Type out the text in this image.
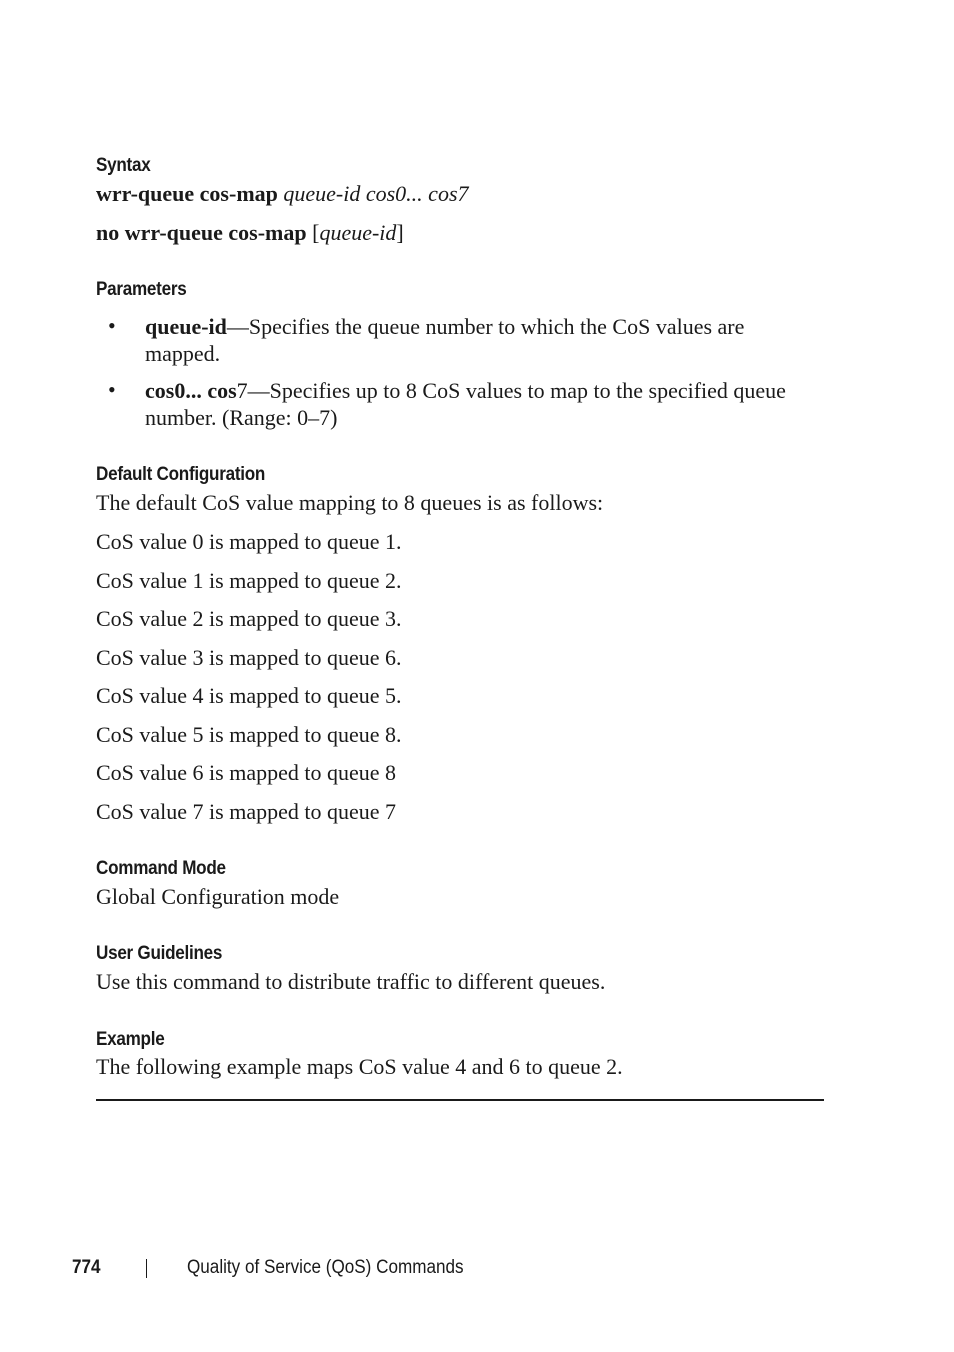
Syntax

wrr-queue cos-map queue-id cos0... cos7

no wrr-queue cos-map [queue-id]

Parameters
• queue-id—Specifies the queue number to which the CoS values are mapped.

• cos0... cos7—Specifies up to 8 CoS values to map to the specified queue number. (Range: 0–7)

Default Configuration

The default CoS value mapping to 8 queues is as follows:

CoS value 0 is mapped to queue 1.

CoS value 1 is mapped to queue 2.

CoS value 2 is mapped to queue 3.

CoS value 3 is mapped to queue 6.

CoS value 4 is mapped to queue 5.

CoS value 5 is mapped to queue 8.

CoS value 6 is mapped to queue 8

CoS value 7 is mapped to queue 7

Command Mode

Global Configuration mode

User Guidelines

Use this command to distribute traffic to different queues.

Example

The following example maps CoS value 4 and 6 to queue 2.

774	Quality of Service (QoS) Commands
